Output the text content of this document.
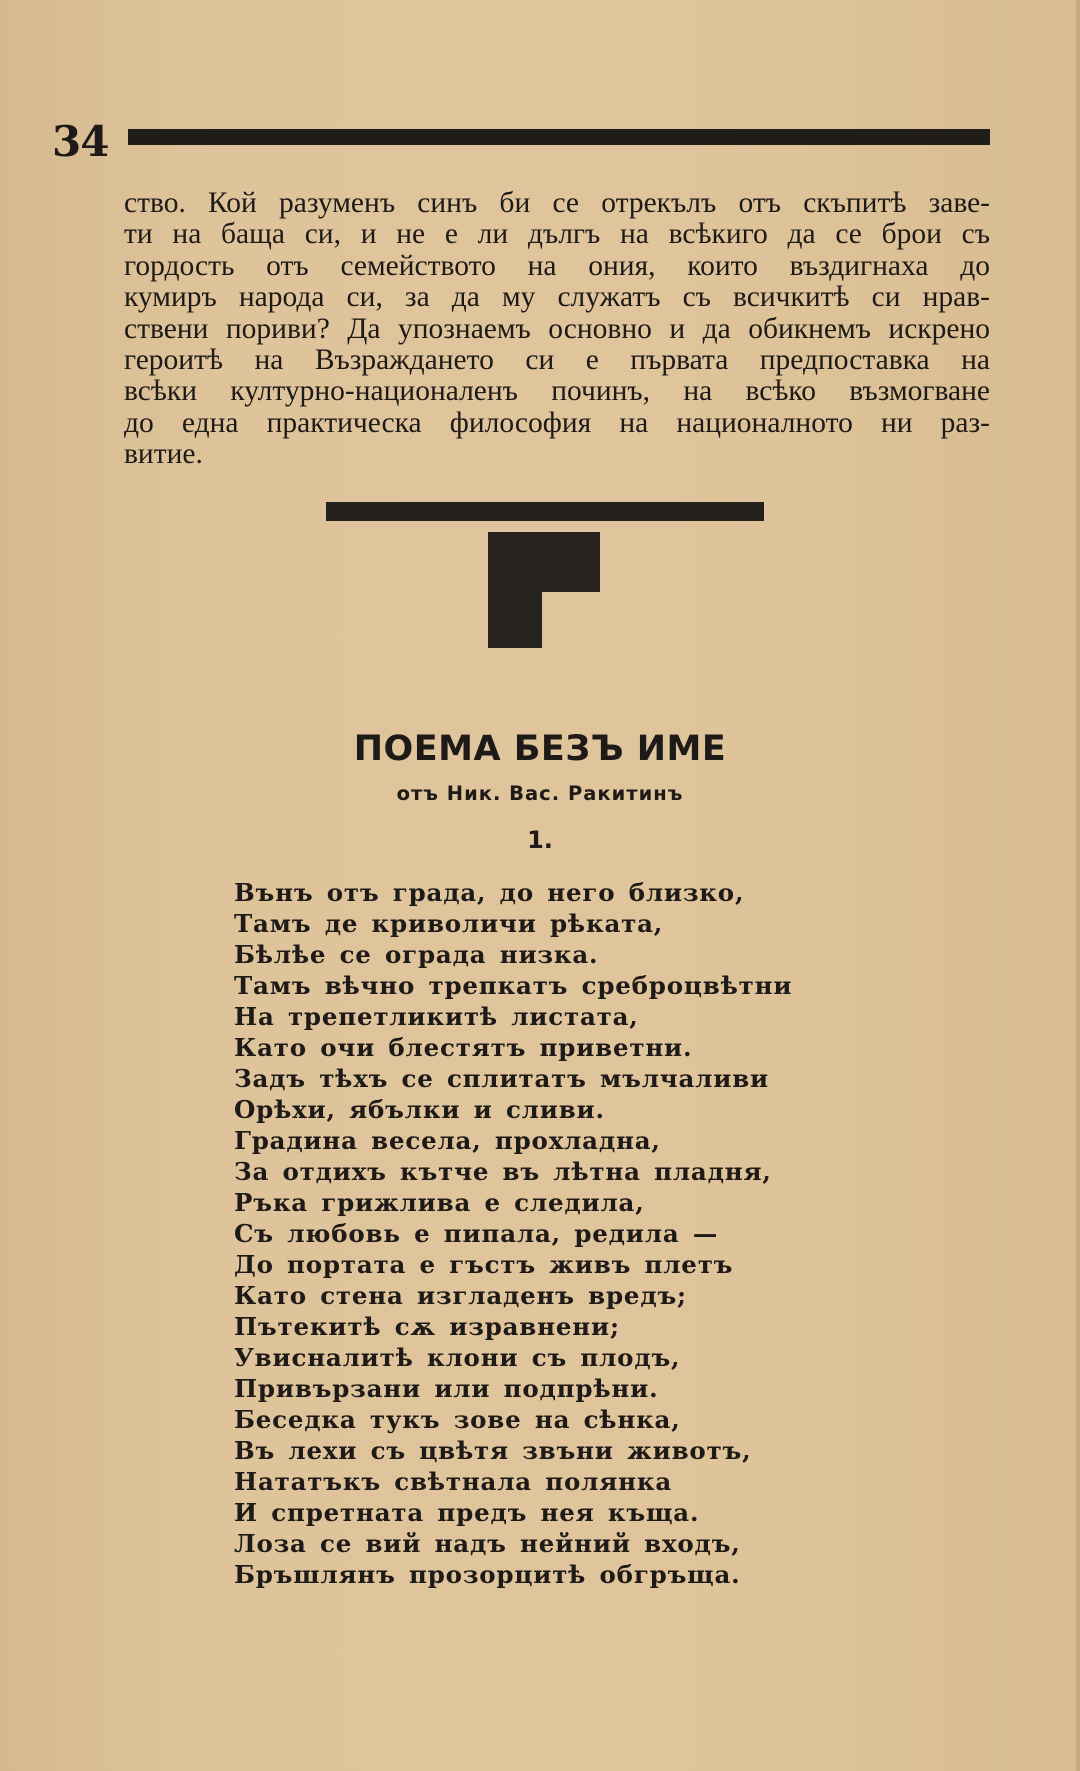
34
ство. Кой разуменъ синъ би се отрекълъ отъ скъпитѣ заве-
ти на баща си, и не е ли дългъ на всѣкиго да се брои съ
гордость отъ семейството на ония, които въздигнаха до
кумиръ народа си, за да му служатъ съ всичкитѣ си нрав-
ствени пориви? Да упознаемъ основно и да обикнемъ искрено
героитѣ на Възраждането си е първата предпоставка на
всѣки културно-националенъ починъ, на всѣко възмогване
до една практическа философия на националното ни раз-
витие.
ПОЕМА БЕЗЪ ИМЕ
отъ Ник. Вас. Ракитинъ
1.
Вънъ отъ града, до него близко,
Тамъ де криволичи рѣката,
Бѣлѣе се ограда низка.
Тамъ вѣчно трепкатъ среброцвѣтни
На трепетликитѣ листата,
Като очи блестятъ приветни.
Задъ тѣхъ се сплитатъ мълчаливи
Орѣхи, ябълки и сливи.
Градина весела, прохладна,
За отдихъ кътче въ лѣтна пладня,
Ръка грижлива е следила,
Съ любовь е пипала, редила —
До портата е гъстъ живъ плетъ
Като стена изгладенъ вредъ;
Пътекитѣ сѫ изравнени;
Увисналитѣ клони съ плодъ,
Привързани или подпрѣни.
Беседка тукъ зове на сѣнка,
Въ лехи съ цвѣтя звъни животъ,
Нататъкъ свѣтнала полянка
И спретната предъ нея къща.
Лоза се вий надъ нейний входъ,
Бръшлянъ прозорцитѣ обгръща.
